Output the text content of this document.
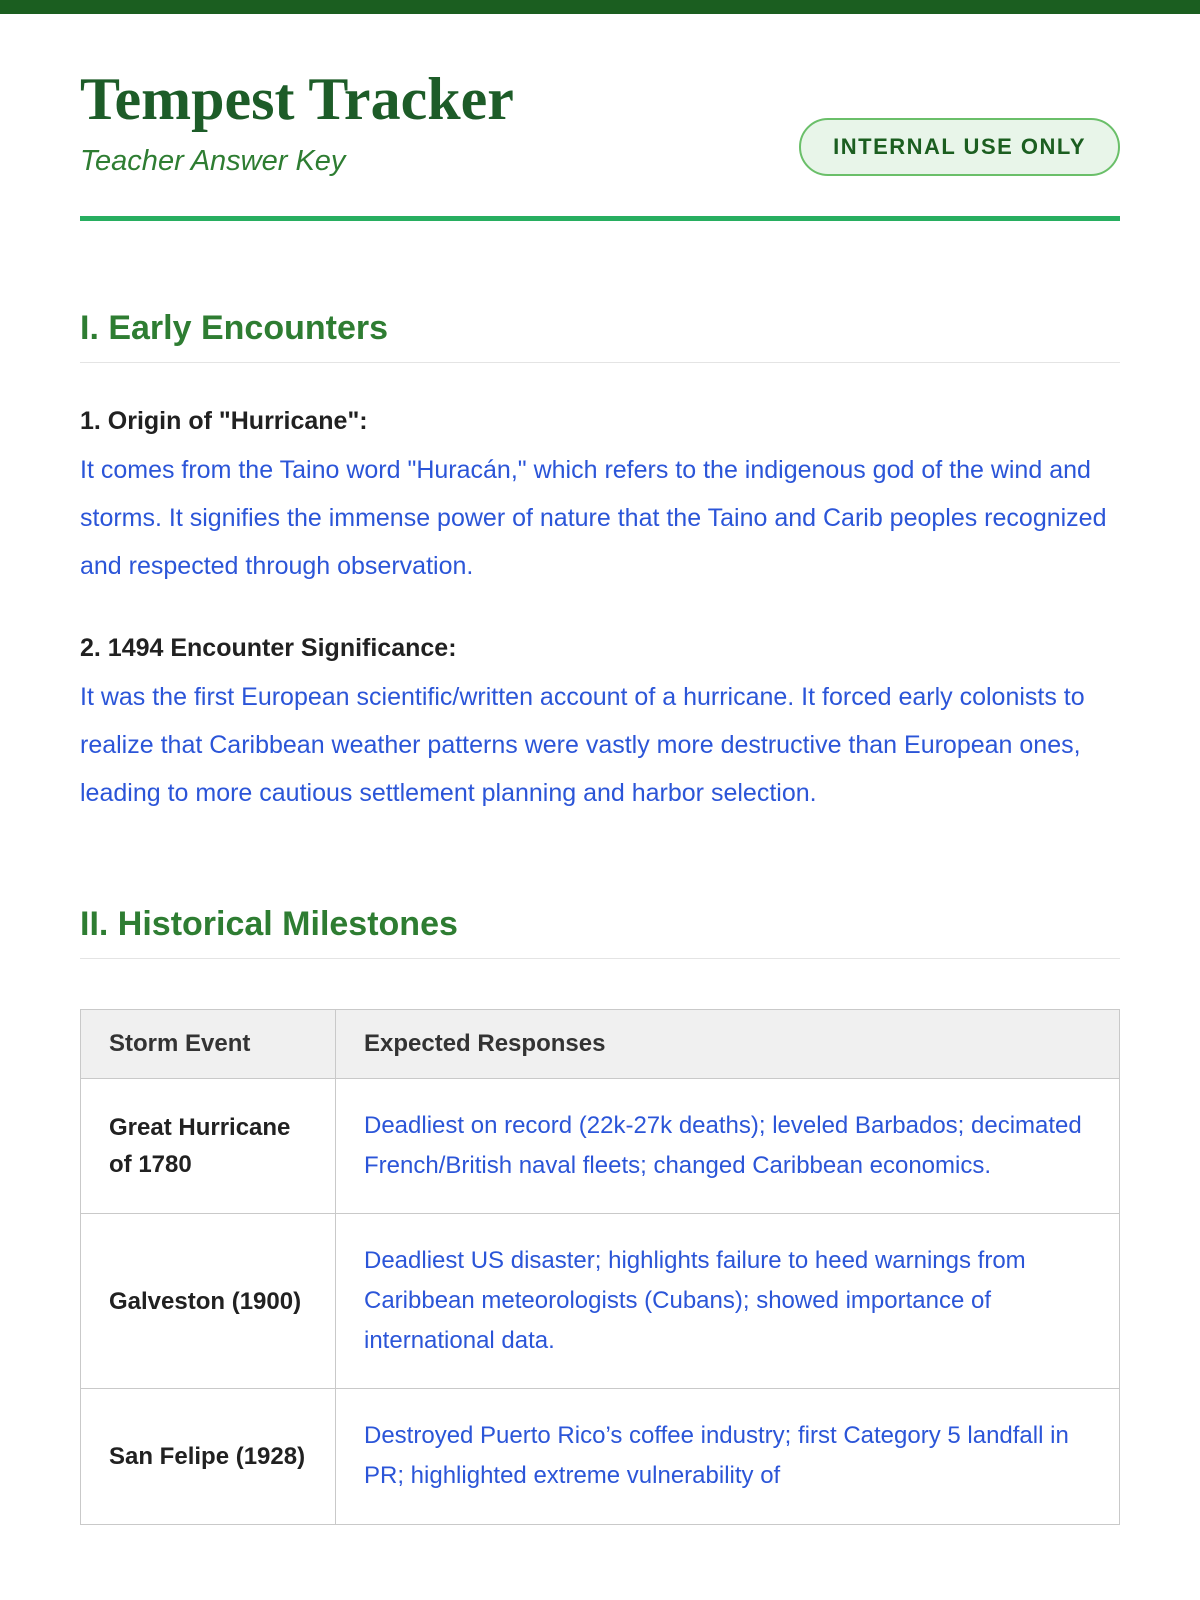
Tempest Tracker
Teacher Answer Key	INTERNAL USE ONLY
I. Early Encounters
1. Origin of "Hurricane":
It comes from the Taino word "Huracán," which refers to the indigenous god of the wind and storms. It signifies the immense power of nature that the Taino and Carib peoples recognized and respected through observation.
2. 1494 Encounter Significance:
It was the first European scientific/written account of a hurricane. It forced early colonists to realize that Caribbean weather patterns were vastly more destructive than European ones, leading to more cautious settlement planning and harbor selection.
II. Historical Milestones
Storm Event	Expected Responses
Great Hurricane of 1780	Deadliest on record (22k-27k deaths); leveled Barbados; decimated French/British naval fleets; changed Caribbean economics.
Galveston (1900)	Deadliest US disaster; highlights failure to heed warnings from Caribbean meteorologists (Cubans); showed importance of international data.
San Felipe (1928)	Destroyed Puerto Rico’s coffee industry; first Category 5 landfall in PR; highlighted extreme vulnerability of
